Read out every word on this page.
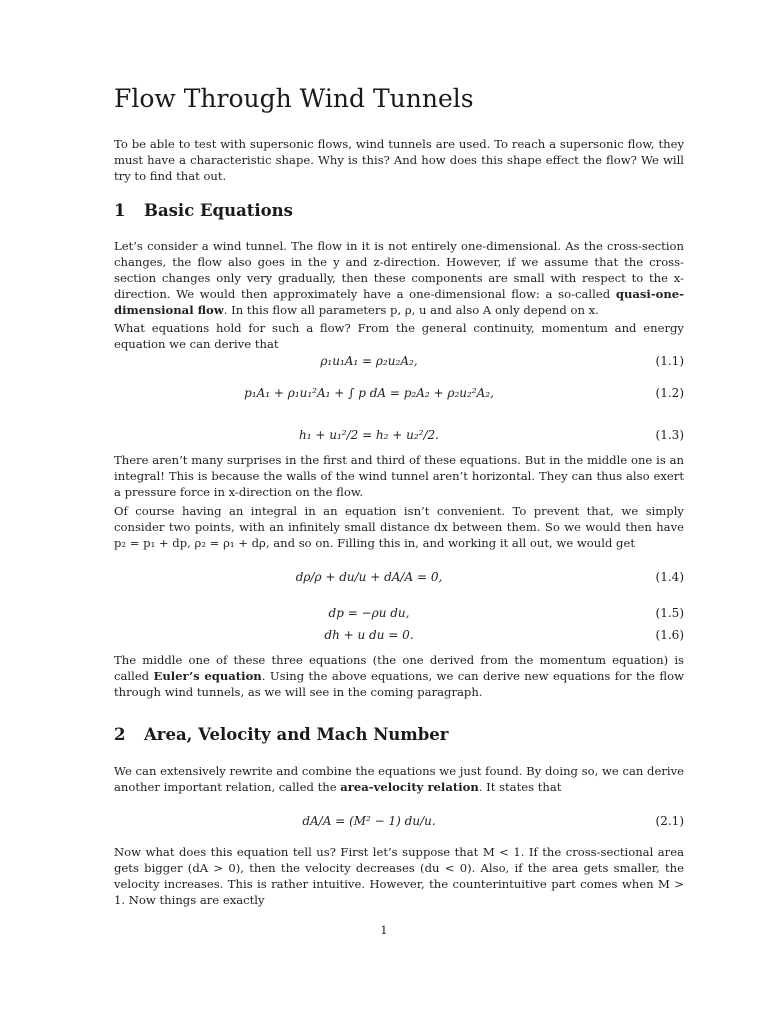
Flow Through Wind Tunnels

To be able to test with supersonic flows, wind tunnels are used. To reach a supersonic flow, they must have a characteristic shape. Why is this? And how does this shape effect the flow? We will try to find that out.

1 Basic Equations

Let’s consider a wind tunnel. The flow in it is not entirely one-dimensional. As the cross-section changes, the flow also goes in the y and z-direction. However, if we assume that the cross-section changes only very gradually, then these components are small with respect to the x-direction. We would then approximately have a one-dimensional flow: a so-called quasi-one-dimensional flow. In this flow all parameters p, ρ, u and also A only depend on x.

What equations hold for such a flow? From the general continuity, momentum and energy equation we can derive that

ρ₁u₁A₁ = ρ₂u₂A₂,	(1.1)
p₁A₁ + ρ₁u₁²A₁ + ∫ p dA = p₂A₂ + ρ₂u₂²A₂,	(1.2)
h₁ + u₁²/2 = h₂ + u₂²/2.	(1.3)

There aren’t many surprises in the first and third of these equations. But in the middle one is an integral! This is because the walls of the wind tunnel aren’t horizontal. They can thus also exert a pressure force in x-direction on the flow.

Of course having an integral in an equation isn’t convenient. To prevent that, we simply consider two points, with an infinitely small distance dx between them. So we would then have p₂ = p₁ + dp, ρ₂ = ρ₁ + dρ, and so on. Filling this in, and working it all out, we would get

dρ/ρ + du/u + dA/A = 0,	(1.4)
dp = −ρu du,	(1.5)
dh + u du = 0.	(1.6)

The middle one of these three equations (the one derived from the momentum equation) is called Euler’s equation. Using the above equations, we can derive new equations for the flow through wind tunnels, as we will see in the coming paragraph.

2 Area, Velocity and Mach Number

We can extensively rewrite and combine the equations we just found. By doing so, we can derive another important relation, called the area-velocity relation. It states that

dA/A = (M² − 1) du/u.	(2.1)

Now what does this equation tell us? First let’s suppose that M < 1. If the cross-sectional area gets bigger (dA > 0), then the velocity decreases (du < 0). Also, if the area gets smaller, the velocity increases. This is rather intuitive. However, the counterintuitive part comes when M > 1. Now things are exactly

1
